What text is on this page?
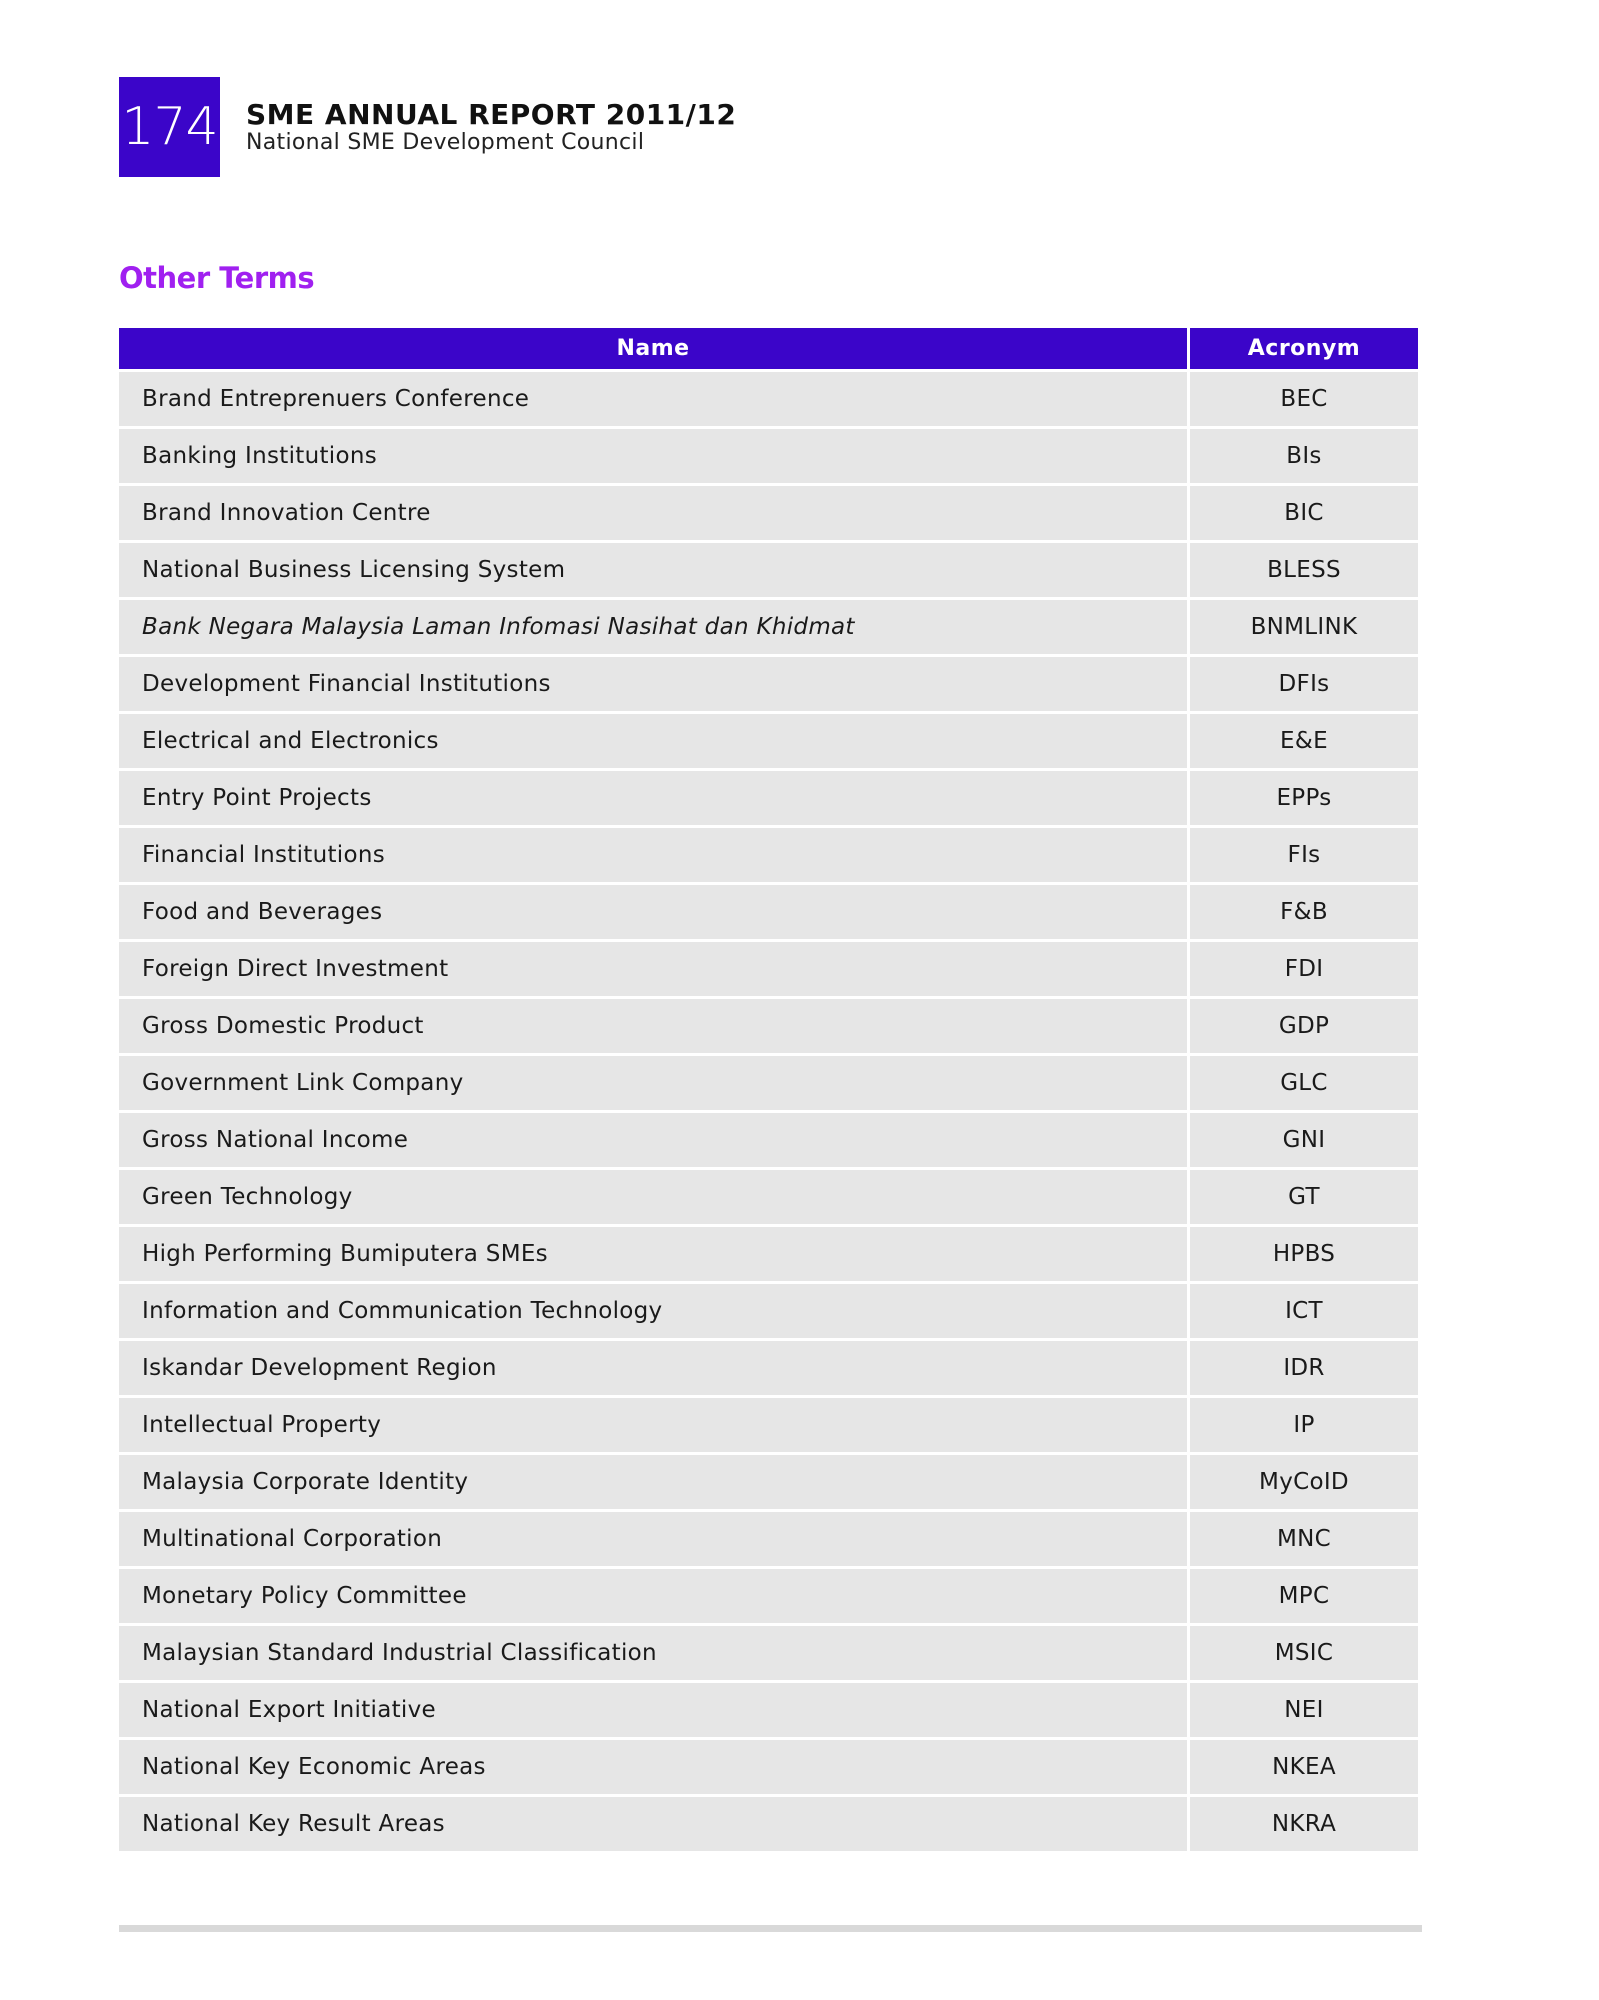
174 SME ANNUAL REPORT 2011/12
National SME Development Council
Other Terms
Name	Acronym
Brand Entreprenuers Conference	BEC
Banking Institutions	BIs
Brand Innovation Centre	BIC
National Business Licensing System	BLESS
Bank Negara Malaysia Laman Infomasi Nasihat dan Khidmat	BNMLINK
Development Financial Institutions	DFIs
Electrical and Electronics	E&E
Entry Point Projects	EPPs
Financial Institutions	FIs
Food and Beverages	F&B
Foreign Direct Investment	FDI
Gross Domestic Product	GDP
Government Link Company	GLC
Gross National Income	GNI
Green Technology	GT
High Performing Bumiputera SMEs	HPBS
Information and Communication Technology	ICT
Iskandar Development Region	IDR
Intellectual Property	IP
Malaysia Corporate Identity	MyCoID
Multinational Corporation	MNC
Monetary Policy Committee	MPC
Malaysian Standard Industrial Classification	MSIC
National Export Initiative	NEI
National Key Economic Areas	NKEA
National Key Result Areas	NKRA
